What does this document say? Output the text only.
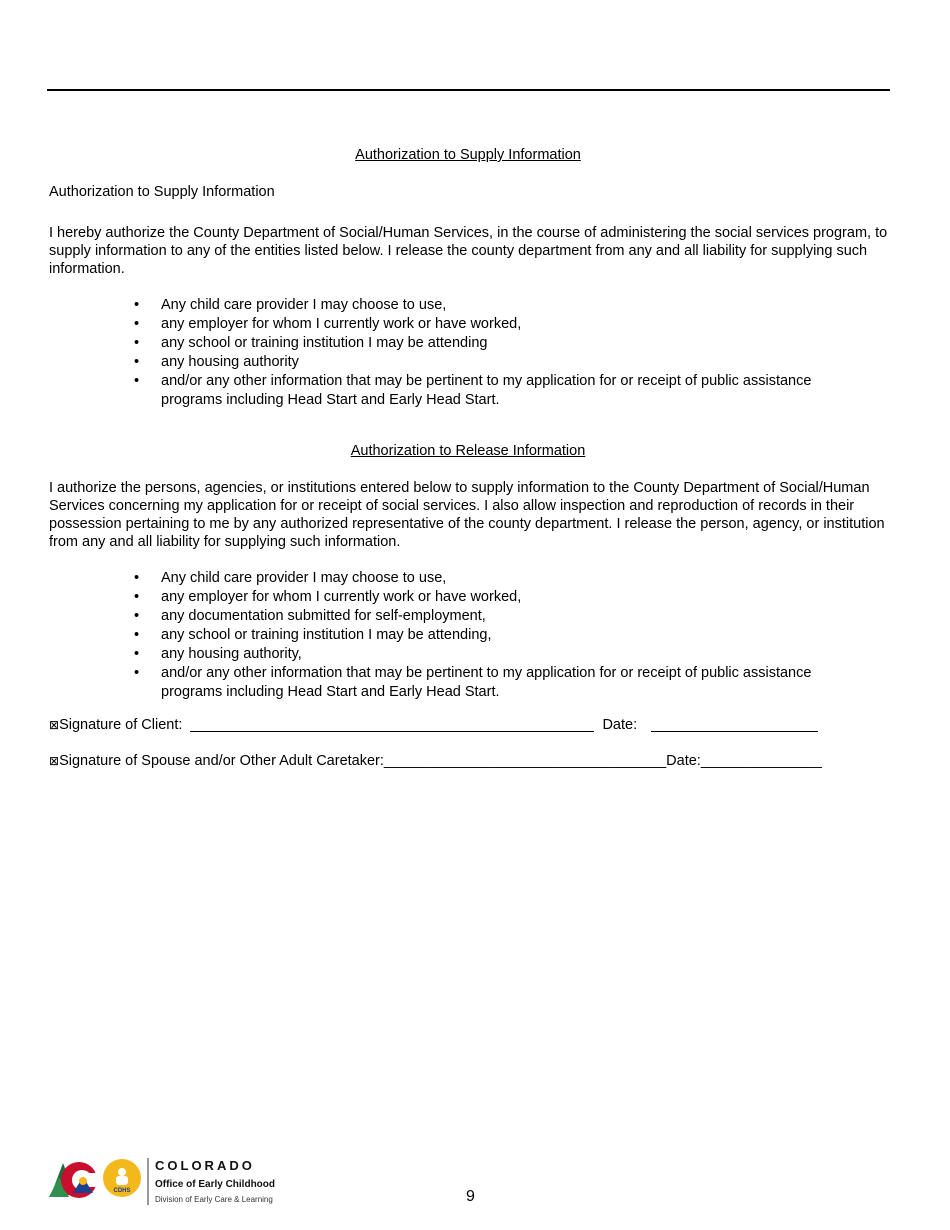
Authorization to Supply Information
Authorization to Supply Information
I hereby authorize the County Department of Social/Human Services, in the course of administering the social services program, to supply information to any of the entities listed below. I release the county department from any and all liability for supplying such information.
• Any child care provider I may choose to use,
• any employer for whom I currently work or have worked,
• any school or training institution I may be attending
• any housing authority
• and/or any other information that may be pertinent to my application for or receipt of public assistance programs including Head Start and Early Head Start.
Authorization to Release Information
I authorize the persons, agencies, or institutions entered below to supply information to the County Department of Social/Human Services concerning my application for or receipt of social services. I also allow inspection and reproduction of records in their possession pertaining to me by any authorized representative of the county department. I release the person, agency, or institution from any and all liability for supplying such information.
• Any child care provider I may choose to use,
• any employer for whom I currently work or have worked,
• any documentation submitted for self-employment,
• any school or training institution I may be attending,
• any housing authority,
• and/or any other information that may be pertinent to my application for or receipt of public assistance programs including Head Start and Early Head Start.
⊠Signature of Client:	Date:
⊠Signature of Spouse and/or Other Adult Caretaker:___________________________________Date:_______________
CDHS
COLORADO
Office of Early Childhood
Division of Early Care & Learning	9
